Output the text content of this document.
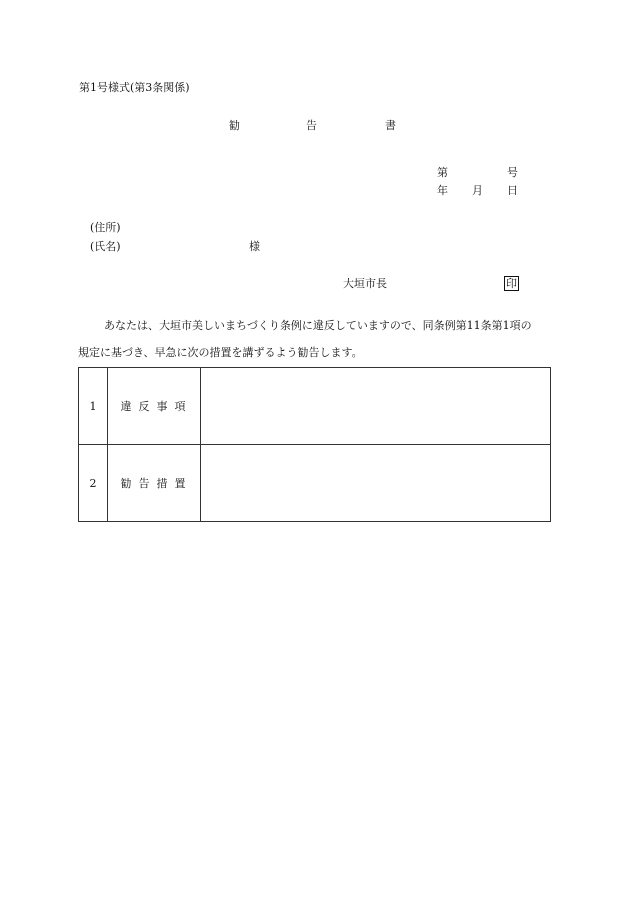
第1号様式(第3条関係)
勧	告	書
第	号
年 月 日
(住所)
(氏名)	様
大垣市長	印
あなたは、大垣市美しいまちづくり条例に違反していますので、同条例第11条第1項の
規定に基づき、早急に次の措置を講ずるよう勧告します。
1	違反事項	
2	勧告措置	
